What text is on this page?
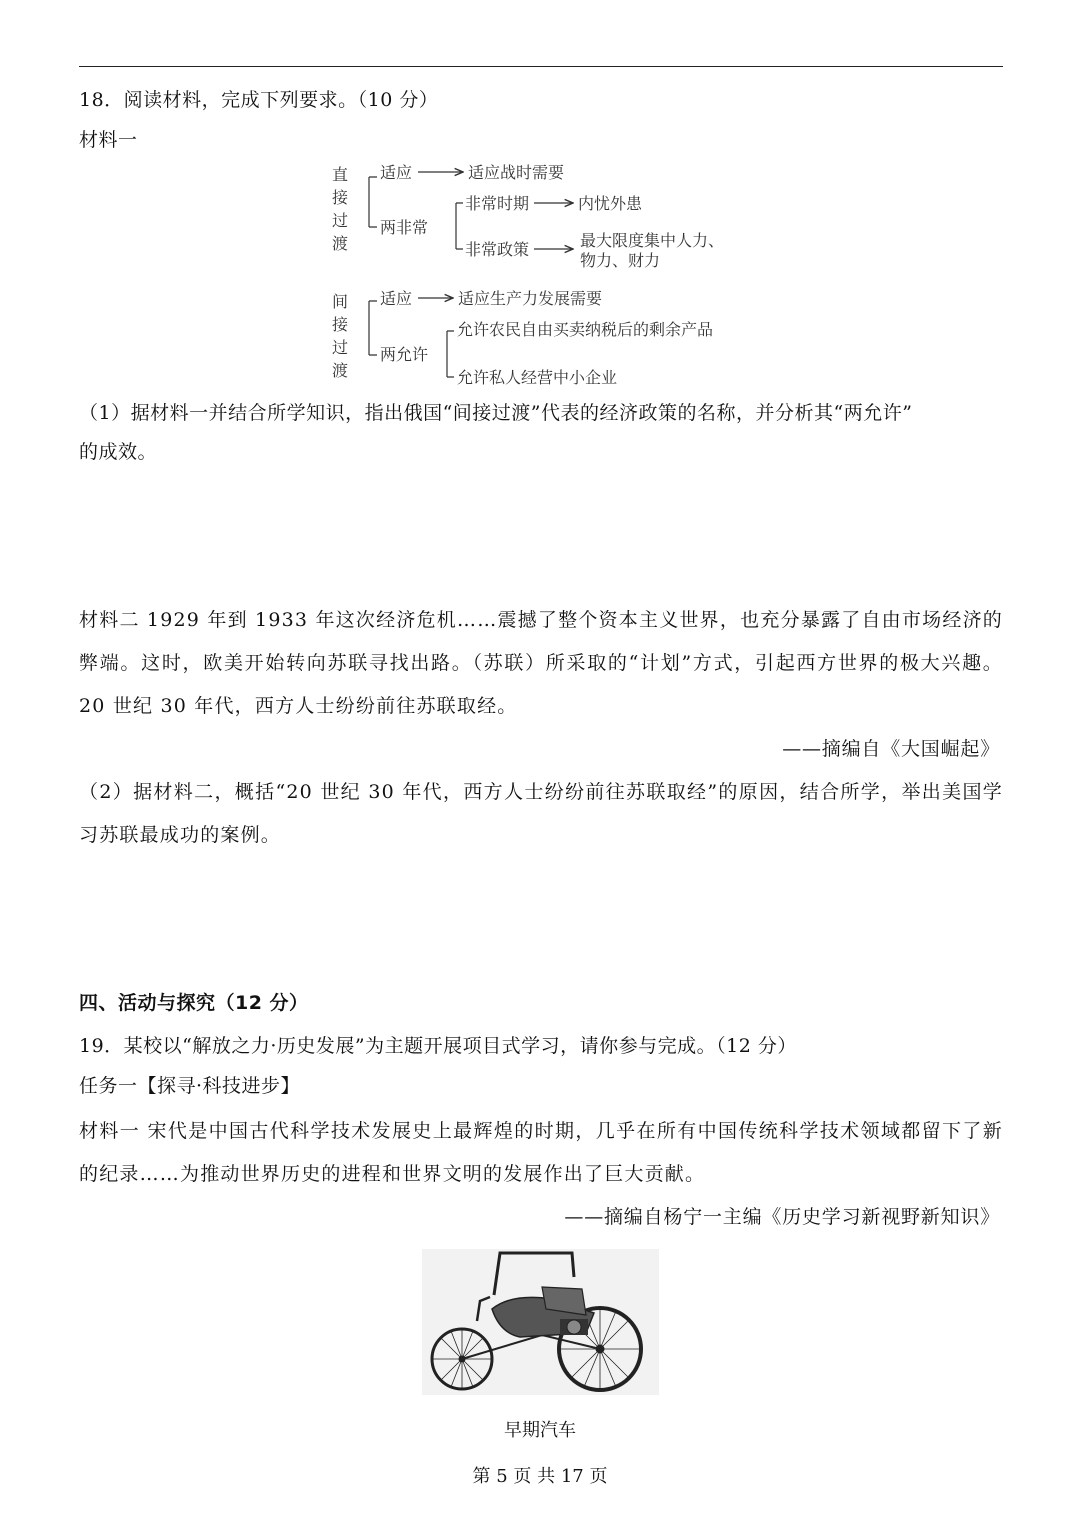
18．阅读材料，完成下列要求。（10 分）
材料一
直
接
过
渡
适应	适应战时需要
两非常
非常时期	内忧外患
非常政策	最大限度集中人力、
物力、财力
间
接
过
渡
适应	适应生产力发展需要
两允许
允许农民自由买卖纳税后的剩余产品
允许私人经营中小企业
（1）据材料一并结合所学知识，指出俄国“间接过渡”代表的经济政策的名称，并分析其“两允许”
的成效。
材料二 1929 年到 1933 年这次经济危机……震撼了整个资本主义世界，也充分暴露了自由市场经济的弊端。这时，欧美开始转向苏联寻找出路。（苏联）所采取的“计划”方式，引起西方世界的极大兴趣。20 世纪 30 年代，西方人士纷纷前往苏联取经。
——摘编自《大国崛起》
（2）据材料二，概括“20 世纪 30 年代，西方人士纷纷前往苏联取经”的原因，结合所学，举出美国学习苏联最成功的案例。
四、活动与探究（12 分）
19．某校以“解放之力·历史发展”为主题开展项目式学习，请你参与完成。（12 分）
任务一【探寻·科技进步】
材料一 宋代是中国古代科学技术发展史上最辉煌的时期，几乎在所有中国传统科学技术领域都留下了新的纪录……为推动世界历史的进程和世界文明的发展作出了巨大贡献。
——摘编自杨宁一主编《历史学习新视野新知识》
早期汽车
第 5 页 共 17 页
